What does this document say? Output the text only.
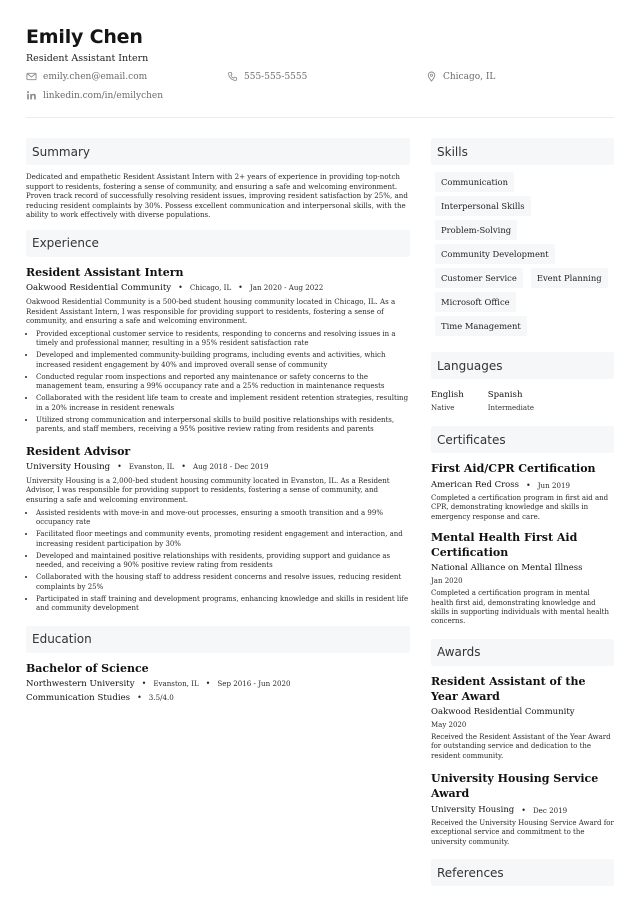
Emily Chen
Resident Assistant Intern
emily.chen@email.com	555-555-5555	Chicago, IL
linkedin.com/in/emilychen
Summary

Dedicated and empathetic Resident Assistant Intern with 2+ years of experience in providing top-notch support to residents, fostering a sense of community, and ensuring a safe and welcoming environment. Proven track record of successfully resolving resident issues, improving resident satisfaction by 25%, and reducing resident complaints by 30%. Possess excellent communication and interpersonal skills, with the ability to work effectively with diverse populations.

Experience
Resident Assistant Intern
Oakwood Residential Community • Chicago, IL • Jan 2020 - Aug 2022

Oakwood Residential Community is a 500-bed student housing community located in Chicago, IL. As a Resident Assistant Intern, I was responsible for providing support to residents, fostering a sense of community, and ensuring a safe and welcoming environment.

• Provided exceptional customer service to residents, responding to concerns and resolving issues in a timely and professional manner, resulting in a 95% resident satisfaction rate
• Developed and implemented community-building programs, including events and activities, which increased resident engagement by 40% and improved overall sense of community
• Conducted regular room inspections and reported any maintenance or safety concerns to the management team, ensuring a 99% occupancy rate and a 25% reduction in maintenance requests
• Collaborated with the resident life team to create and implement resident retention strategies, resulting in a 20% increase in resident renewals
• Utilized strong communication and interpersonal skills to build positive relationships with residents, parents, and staff members, receiving a 95% positive review rating from residents and parents
Resident Advisor
University Housing • Evanston, IL • Aug 2018 - Dec 2019

University Housing is a 2,000-bed student housing community located in Evanston, IL. As a Resident Advisor, I was responsible for providing support to residents, fostering a sense of community, and ensuring a safe and welcoming environment.

• Assisted residents with move-in and move-out processes, ensuring a smooth transition and a 99% occupancy rate
• Facilitated floor meetings and community events, promoting resident engagement and interaction, and increasing resident participation by 30%
• Developed and maintained positive relationships with residents, providing support and guidance as needed, and receiving a 90% positive review rating from residents
• Collaborated with the housing staff to address resident concerns and resolve issues, reducing resident complaints by 25%
• Participated in staff training and development programs, enhancing knowledge and skills in resident life and community development
Education
Bachelor of Science
Northwestern University • Evanston, IL • Sep 2016 - Jun 2020
Communication Studies • 3.5/4.0
Skills
Communication
Interpersonal Skills
Problem-Solving
Community Development
Customer Service	Event Planning
Microsoft Office
Time Management
Languages
English
Native
Spanish
Intermediate
Certificates
First Aid/CPR Certification
American Red Cross • Jun 2019
Completed a certification program in first aid and CPR, demonstrating knowledge and skills in emergency response and care.
Mental Health First Aid Certification
National Alliance on Mental Illness
Jan 2020
Completed a certification program in mental health first aid, demonstrating knowledge and skills in supporting individuals with mental health concerns.
Awards
Resident Assistant of the Year Award
Oakwood Residential Community
May 2020
Received the Resident Assistant of the Year Award for outstanding service and dedication to the resident community.
University Housing Service Award
University Housing • Dec 2019
Received the University Housing Service Award for exceptional service and commitment to the university community.
References
